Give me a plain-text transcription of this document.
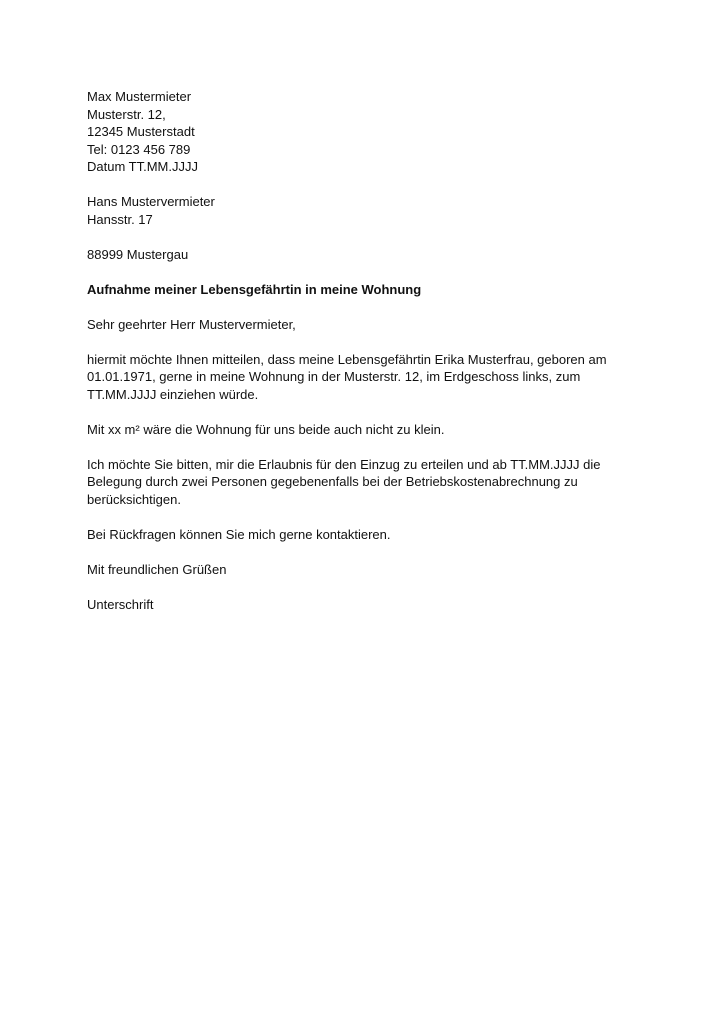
Max Mustermieter
Musterstr. 12,
12345 Musterstadt
Tel: 0123 456 789
Datum TT.MM.JJJJ
Hans Mustervermieter
Hansstr. 17
88999 Mustergau
Aufnahme meiner Lebensgefährtin in meine Wohnung
Sehr geehrter Herr Mustervermieter,
hiermit möchte Ihnen mitteilen, dass meine Lebensgefährtin Erika Musterfrau, geboren am
01.01.1971, gerne in meine Wohnung in der Musterstr. 12, im Erdgeschoss links, zum
TT.MM.JJJJ einziehen würde.
Mit xx m² wäre die Wohnung für uns beide auch nicht zu klein.
Ich möchte Sie bitten, mir die Erlaubnis für den Einzug zu erteilen und ab TT.MM.JJJJ die
Belegung durch zwei Personen gegebenenfalls bei der Betriebskostenabrechnung zu
berücksichtigen.
Bei Rückfragen können Sie mich gerne kontaktieren.
Mit freundlichen Grüßen
Unterschrift
